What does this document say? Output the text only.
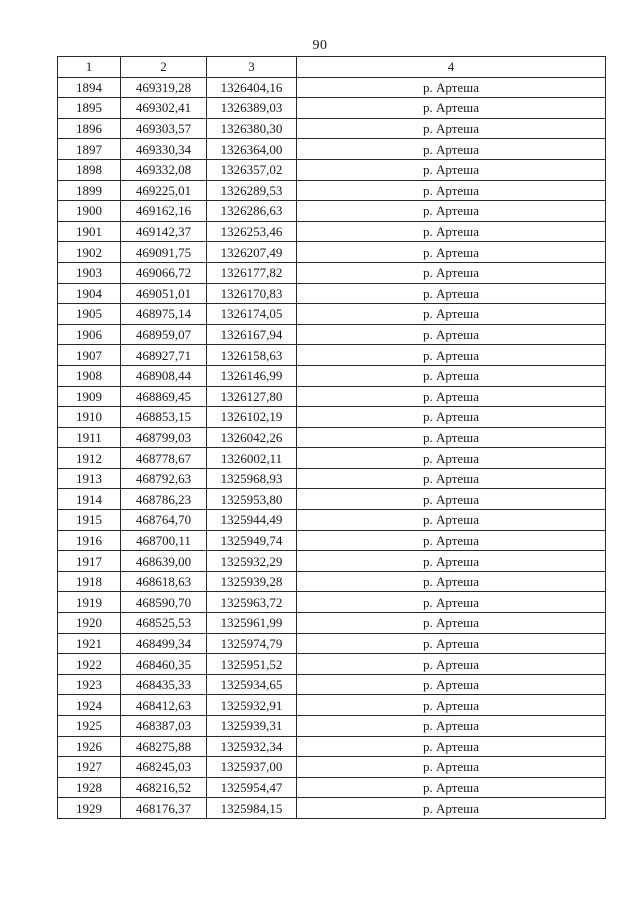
90
1	2	3	4
1894	469319,28	1326404,16	р. Артеша
1895	469302,41	1326389,03	р. Артеша
1896	469303,57	1326380,30	р. Артеша
1897	469330,34	1326364,00	р. Артеша
1898	469332,08	1326357,02	р. Артеша
1899	469225,01	1326289,53	р. Артеша
1900	469162,16	1326286,63	р. Артеша
1901	469142,37	1326253,46	р. Артеша
1902	469091,75	1326207,49	р. Артеша
1903	469066,72	1326177,82	р. Артеша
1904	469051,01	1326170,83	р. Артеша
1905	468975,14	1326174,05	р. Артеша
1906	468959,07	1326167,94	р. Артеша
1907	468927,71	1326158,63	р. Артеша
1908	468908,44	1326146,99	р. Артеша
1909	468869,45	1326127,80	р. Артеша
1910	468853,15	1326102,19	р. Артеша
1911	468799,03	1326042,26	р. Артеша
1912	468778,67	1326002,11	р. Артеша
1913	468792,63	1325968,93	р. Артеша
1914	468786,23	1325953,80	р. Артеша
1915	468764,70	1325944,49	р. Артеша
1916	468700,11	1325949,74	р. Артеша
1917	468639,00	1325932,29	р. Артеша
1918	468618,63	1325939,28	р. Артеша
1919	468590,70	1325963,72	р. Артеша
1920	468525,53	1325961,99	р. Артеша
1921	468499,34	1325974,79	р. Артеша
1922	468460,35	1325951,52	р. Артеша
1923	468435,33	1325934,65	р. Артеша
1924	468412,63	1325932,91	р. Артеша
1925	468387,03	1325939,31	р. Артеша
1926	468275,88	1325932,34	р. Артеша
1927	468245,03	1325937,00	р. Артеша
1928	468216,52	1325954,47	р. Артеша
1929	468176,37	1325984,15	р. Артеша
